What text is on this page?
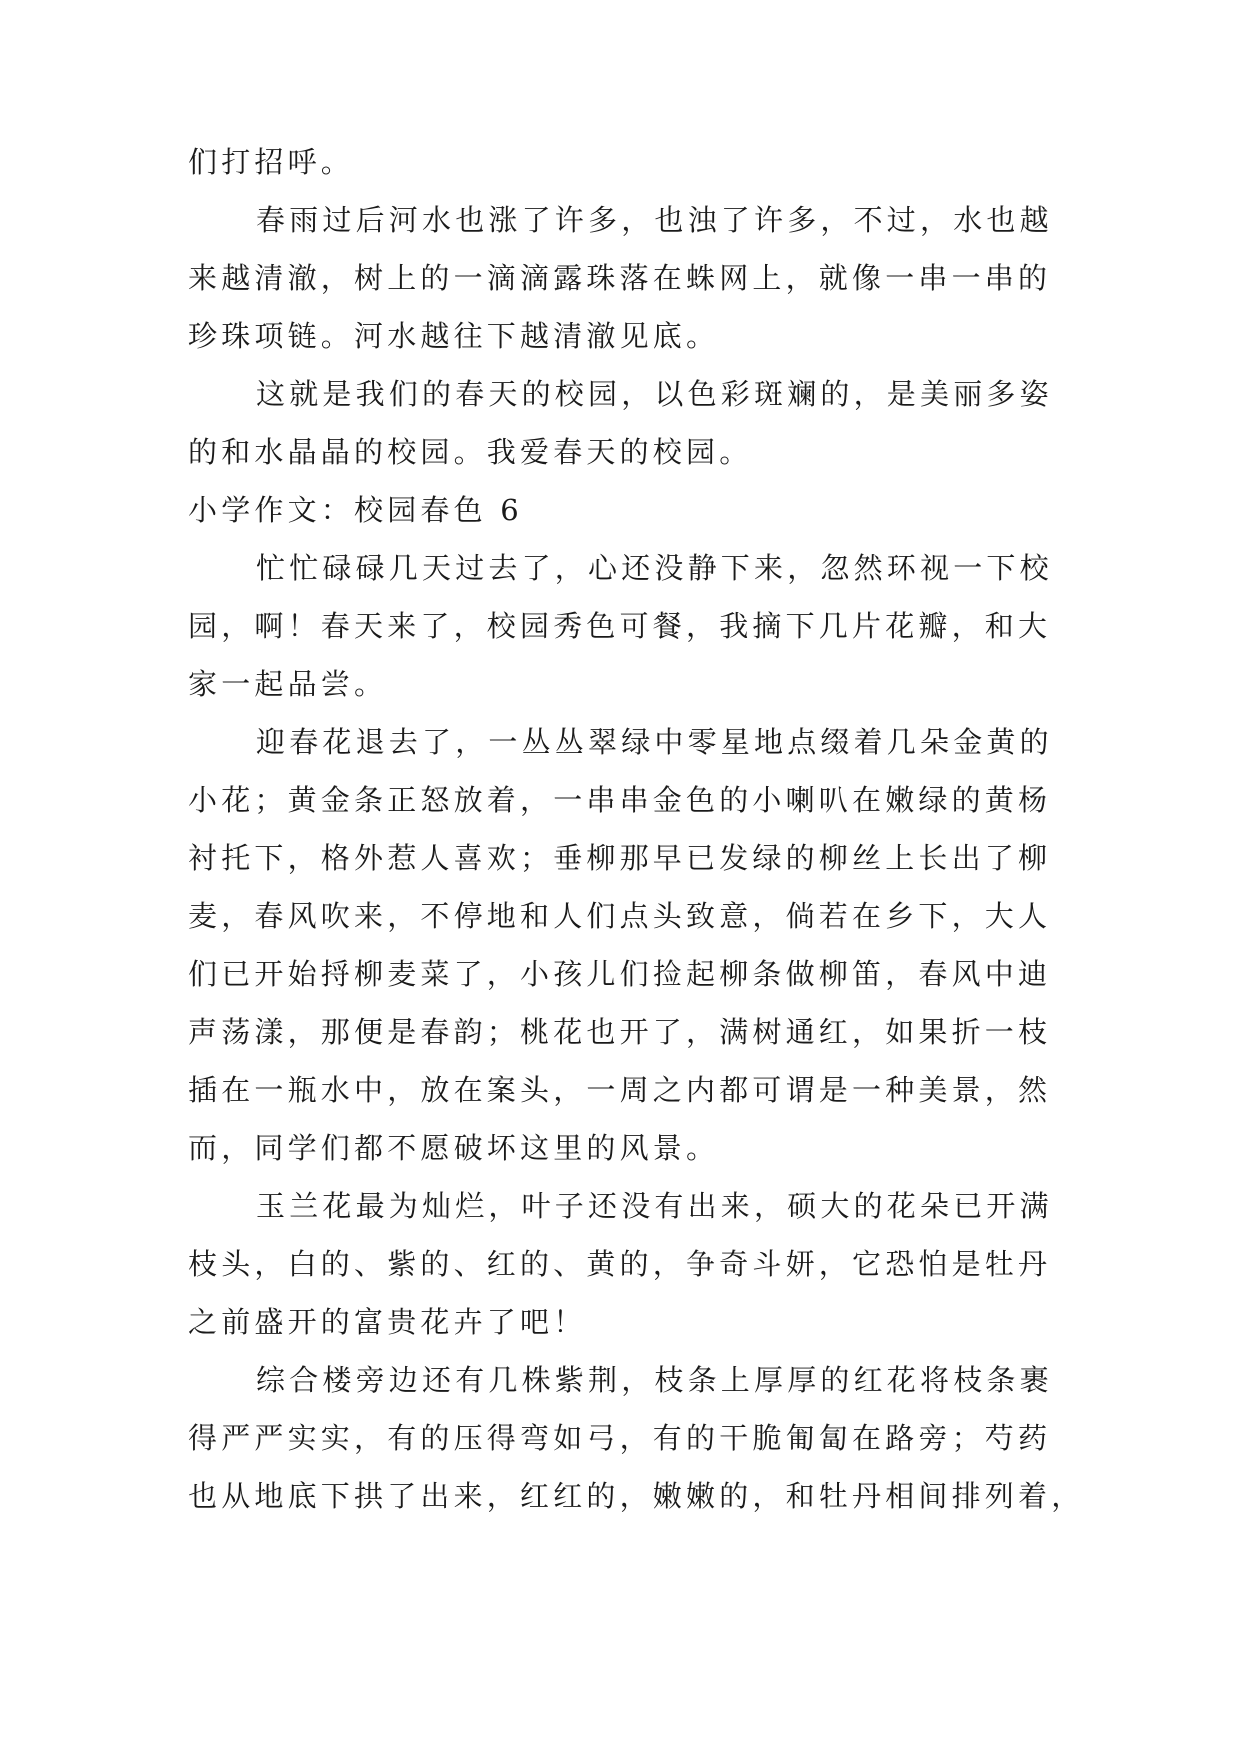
们打招呼。
春雨过后河水也涨了许多，也浊了许多，不过，水也越
来越清澈，树上的一滴滴露珠落在蛛网上，就像一串一串的
珍珠项链。河水越往下越清澈见底。
这就是我们的春天的校园，以色彩斑斓的，是美丽多姿
的和水晶晶的校园。我爱春天的校园。
小学作文：校园春色 6
忙忙碌碌几天过去了，心还没静下来，忽然环视一下校
园，啊！春天来了，校园秀色可餐，我摘下几片花瓣，和大
家一起品尝。
迎春花退去了，一丛丛翠绿中零星地点缀着几朵金黄的
小花；黄金条正怒放着，一串串金色的小喇叭在嫩绿的黄杨
衬托下，格外惹人喜欢；垂柳那早已发绿的柳丝上长出了柳
麦，春风吹来，不停地和人们点头致意，倘若在乡下，大人
们已开始捋柳麦菜了，小孩儿们捡起柳条做柳笛，春风中迪
声荡漾，那便是春韵；桃花也开了，满树通红，如果折一枝
插在一瓶水中，放在案头，一周之内都可谓是一种美景，然
而，同学们都不愿破坏这里的风景。
玉兰花最为灿烂，叶子还没有出来，硕大的花朵已开满
枝头，白的、紫的、红的、黄的，争奇斗妍，它恐怕是牡丹
之前盛开的富贵花卉了吧！
综合楼旁边还有几株紫荆，枝条上厚厚的红花将枝条裹
得严严实实，有的压得弯如弓，有的干脆匍匐在路旁；芍药
也从地底下拱了出来，红红的，嫩嫩的，和牡丹相间排列着，
